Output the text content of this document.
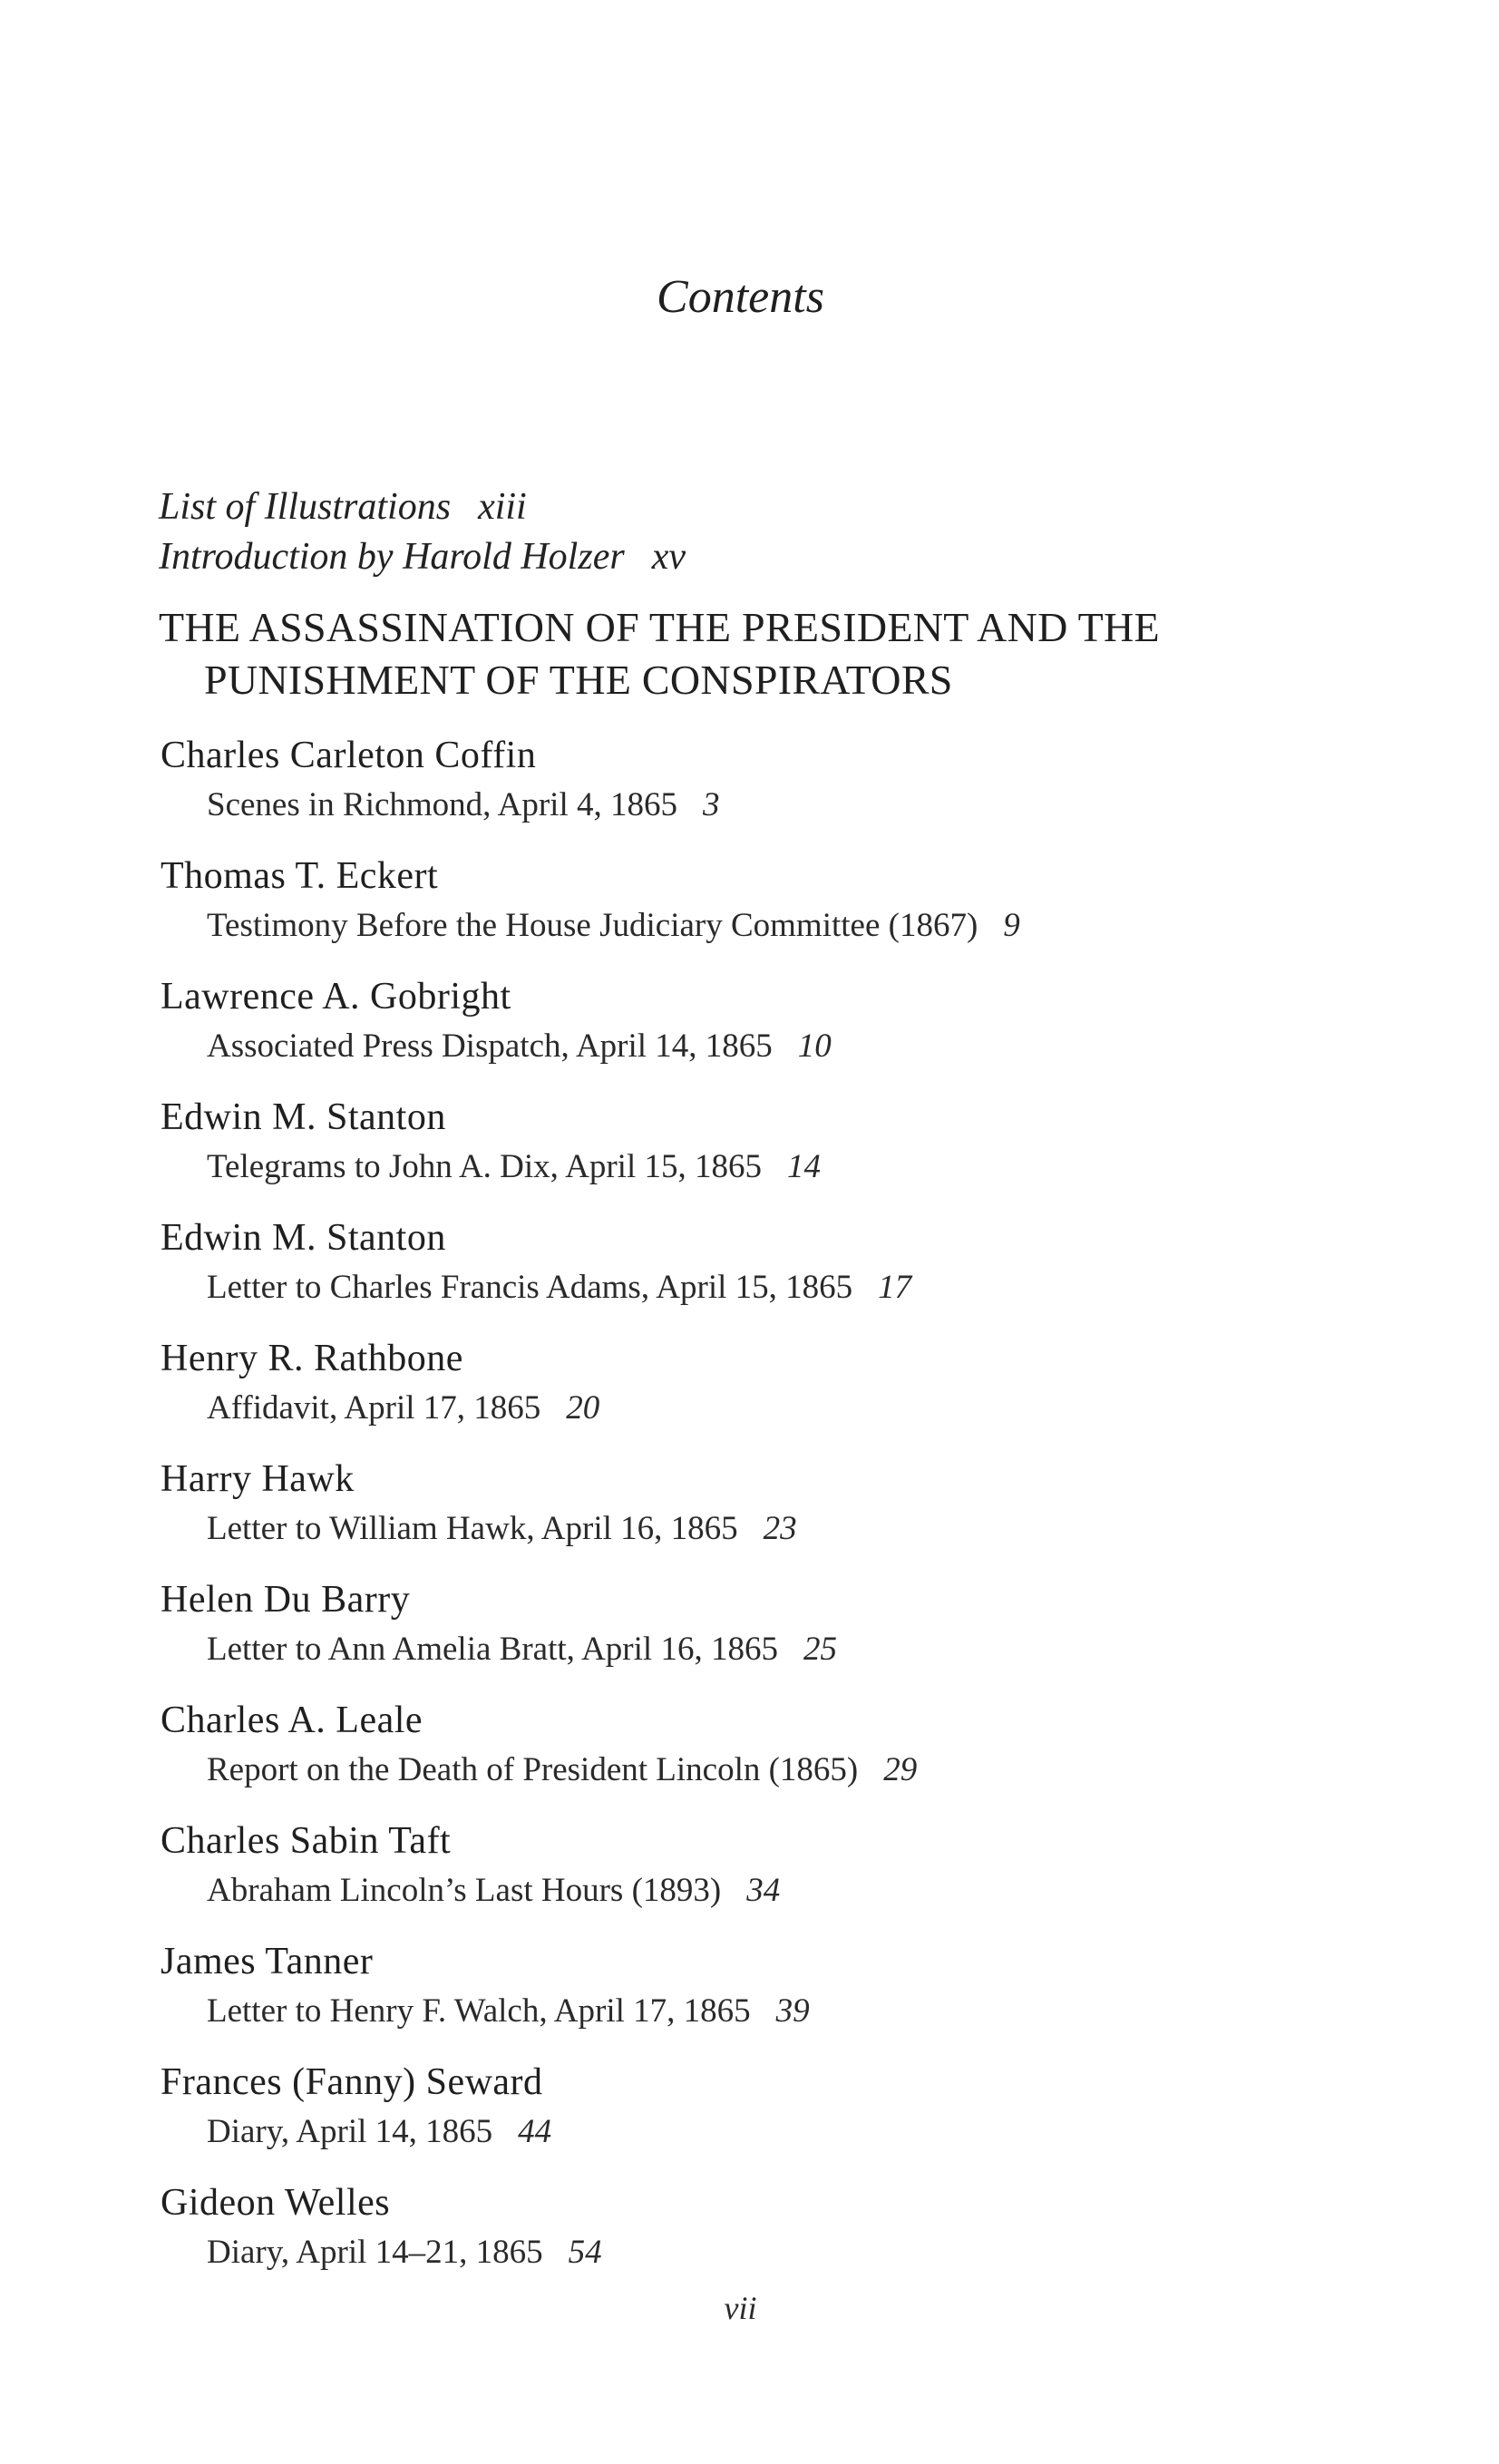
Contents
List of Illustrations xiii
Introduction by Harold Holzer xv
THE ASSASSINATION OF THE PRESIDENT AND THE PUNISHMENT OF THE CONSPIRATORS
Charles Carleton Coffin
Scenes in Richmond, April 4, 1865 3
Thomas T. Eckert
Testimony Before the House Judiciary Committee (1867) 9
Lawrence A. Gobright
Associated Press Dispatch, April 14, 1865 10
Edwin M. Stanton
Telegrams to John A. Dix, April 15, 1865 14
Edwin M. Stanton
Letter to Charles Francis Adams, April 15, 1865 17
Henry R. Rathbone
Affidavit, April 17, 1865 20
Harry Hawk
Letter to William Hawk, April 16, 1865 23
Helen Du Barry
Letter to Ann Amelia Bratt, April 16, 1865 25
Charles A. Leale
Report on the Death of President Lincoln (1865) 29
Charles Sabin Taft
Abraham Lincoln’s Last Hours (1893) 34
James Tanner
Letter to Henry F. Walch, April 17, 1865 39
Frances (Fanny) Seward
Diary, April 14, 1865 44
Gideon Welles
Diary, April 14–21, 1865 54
vii
